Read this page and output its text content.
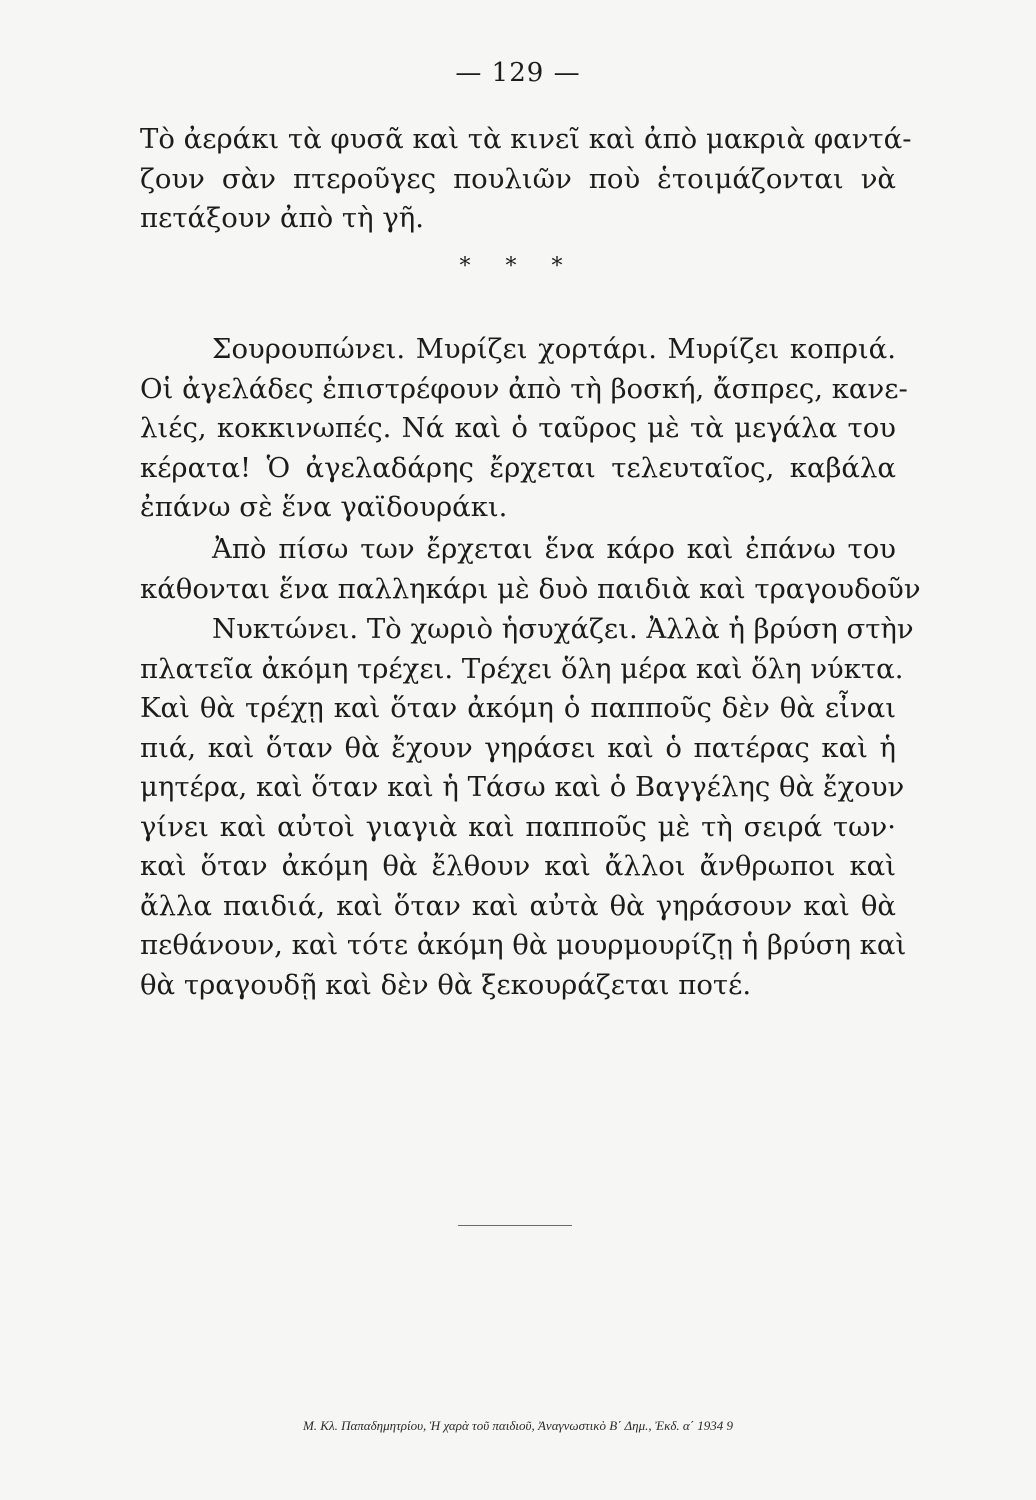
— 129 —
Τὸ ἀεράκι τὰ φυσᾶ καὶ τὰ κινεῖ καὶ ἀπὸ μακριὰ φαντά-
ζουν σὰν πτεροῦγες πουλιῶν ποὺ ἑτοιμάζονται νὰ
πετάξουν ἀπὸ τὴ γῆ.
* * *
Σουρουπώνει. Μυρίζει χορτάρι. Μυρίζει κοπριά.
Οἱ ἀγελάδες ἐπιστρέφουν ἀπὸ τὴ βοσκή, ἄσπρες, κανε-
λιές, κοκκινωπές. Νά καὶ ὁ ταῦρος μὲ τὰ μεγάλα του
κέρατα! Ὁ ἀγελαδάρης ἔρχεται τελευταῖος, καβάλα
ἐπάνω σὲ ἕνα γαϊδουράκι.
Ἀπὸ πίσω των ἔρχεται ἕνα κάρο καὶ ἐπάνω του
κάθονται ἕνα παλληκάρι μὲ δυὸ παιδιὰ καὶ τραγουδοῦν
Νυκτώνει. Τὸ χωριὸ ἡσυχάζει. Ἀλλὰ ἡ βρύση στὴν
πλατεῖα ἀκόμη τρέχει. Τρέχει ὅλη μέρα καὶ ὅλη νύκτα.
Καὶ θὰ τρέχῃ καὶ ὅταν ἀκόμη ὁ παπποῦς δὲν θὰ εἶναι
πιά, καὶ ὅταν θὰ ἔχουν γηράσει καὶ ὁ πατέρας καὶ ἡ
μητέρα, καὶ ὅταν καὶ ἡ Τάσω καὶ ὁ Βαγγέλης θὰ ἔχουν
γίνει καὶ αὐτοὶ γιαγιὰ καὶ παπποῦς μὲ τὴ σειρά των·
καὶ ὅταν ἀκόμη θὰ ἔλθουν καὶ ἄλλοι ἄνθρωποι καὶ
ἄλλα παιδιά, καὶ ὅταν καὶ αὐτὰ θὰ γηράσουν καὶ θὰ
πεθάνουν, καὶ τότε ἀκόμη θὰ μουρμουρίζῃ ἡ βρύση καὶ
θὰ τραγουδῇ καὶ δὲν θὰ ξεκουράζεται ποτέ.
Μ. Κλ. Παπαδημητρίου, Ἡ χαρὰ τοῦ παιδιοῦ, Ἀναγνωστικὸ Β΄ Δημ., Ἐκδ. α΄ 1934 9
